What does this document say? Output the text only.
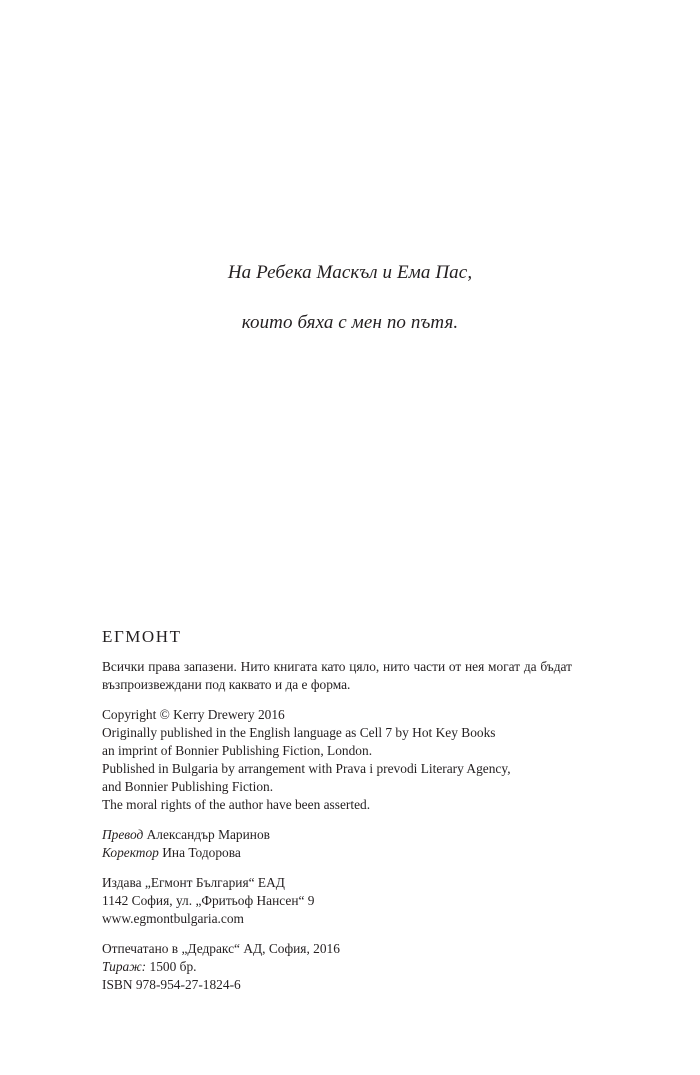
На Ребека Маскъл и Ема Пас,
които бяха с мен по пътя.
ЕГМОНТ
Всички права запазени. Нито книгата като цяло, нито части от нея могат да бъдат възпроизвеждани под каквато и да е форма.
Copyright © Kerry Drewery 2016
Originally published in the English language as Cell 7 by Hot Key Books
an imprint of Bonnier Publishing Fiction, London.
Published in Bulgaria by arrangement with Prava i prevodi Literary Agency,
and Bonnier Publishing Fiction.
The moral rights of the author have been asserted.
Превод Александър Маринов
Коректор Ина Тодорова
Издава „Егмонт България“ ЕАД
1142 София, ул. „Фритьоф Нансен“ 9
www.egmontbulgaria.com
Отпечатано в „Дедракс“ АД, София, 2016
Тираж: 1500 бр.
ISBN 978-954-27-1824-6
